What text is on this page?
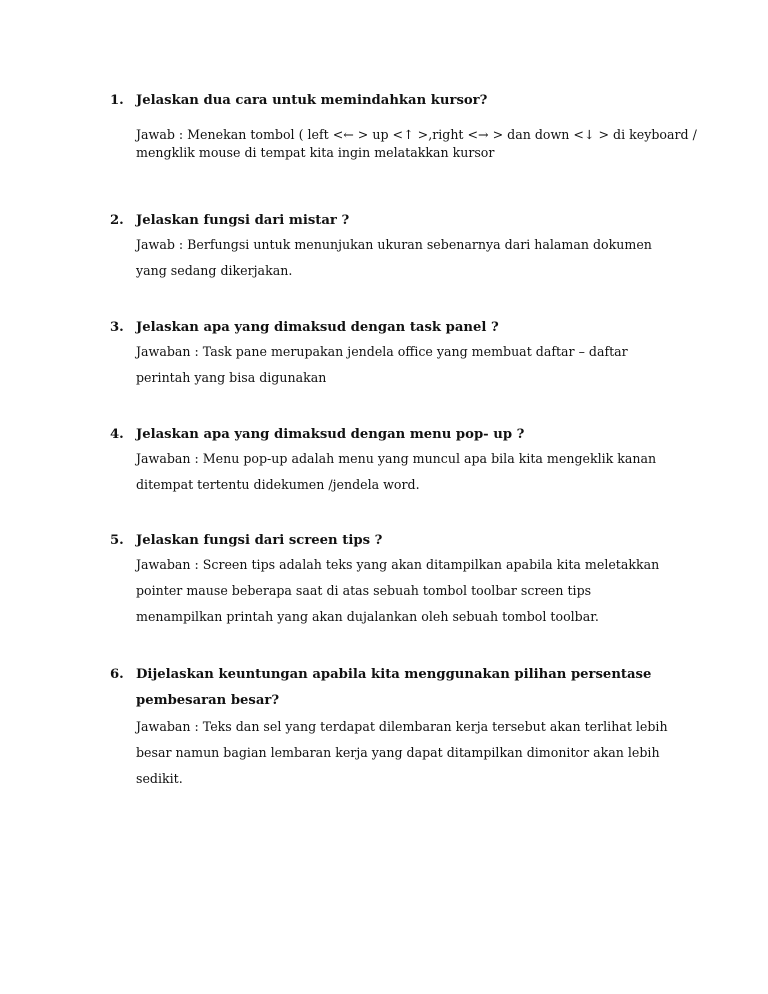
1. Jelaskan dua cara untuk memindahkan kursor?
Jawab : Menekan tombol ( left <← > up <↑ >,right <→ > dan down <↓ > di keyboard /
mengklik mouse di tempat kita ingin melatakkan kursor
2. Jelaskan fungsi dari mistar ?
Jawab : Berfungsi untuk menunjukan ukuran sebenarnya dari halaman dokumen
yang sedang dikerjakan.
3. Jelaskan apa yang dimaksud dengan task panel ?
Jawaban : Task pane merupakan jendela office yang membuat daftar – daftar
perintah yang bisa digunakan
4. Jelaskan apa yang dimaksud dengan menu pop- up ?
Jawaban : Menu pop-up adalah menu yang muncul apa bila kita mengeklik kanan
ditempat tertentu didekumen /jendela word.
5. Jelaskan fungsi dari screen tips ?
Jawaban : Screen tips adalah teks yang akan ditampilkan apabila kita meletakkan
pointer mause beberapa saat di atas sebuah tombol toolbar screen tips
menampilkan printah yang akan dujalankan oleh sebuah tombol toolbar.
6. Dijelaskan keuntungan apabila kita menggunakan pilihan persentase
pembesaran besar?
Jawaban : Teks dan sel yang terdapat dilembaran kerja tersebut akan terlihat lebih
besar namun bagian lembaran kerja yang dapat ditampilkan dimonitor akan lebih
sedikit.
